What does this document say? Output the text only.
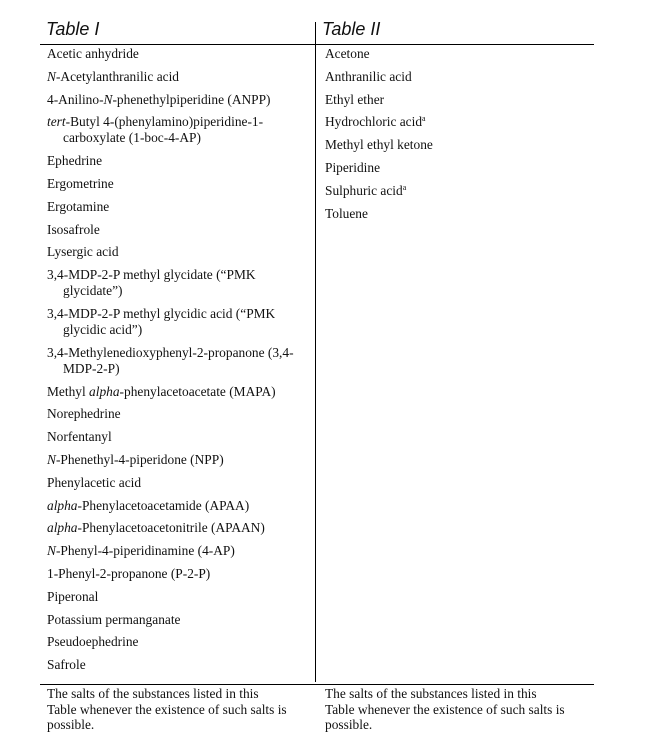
Table I
Acetic anhydride
N-Acetylanthranilic acid
4-Anilino-N-phenethylpiperidine (ANPP)
tert-Butyl 4-(phenylamino)piperidine-1-carboxylate (1-boc-4-AP)
Ephedrine
Ergometrine
Ergotamine
Isosafrole
Lysergic acid
3,4-MDP-2-P methyl glycidate (“PMK glycidate”)
3,4-MDP-2-P methyl glycidic acid (“PMK glycidic acid”)
3,4-Methylenedioxyphenyl-2-propanone (3,4-MDP-2-P)
Methyl alpha-phenylacetoacetate (MAPA)
Norephedrine
Norfentanyl
N-Phenethyl-4-piperidone (NPP)
Phenylacetic acid
alpha-Phenylacetoacetamide (APAA)
alpha-Phenylacetoacetonitrile (APAAN)
N-Phenyl-4-piperidinamine (4-AP)
1-Phenyl-2-propanone (P-2-P)
Piperonal
Potassium permanganate
Pseudoephedrine
Safrole
Table II
Acetone
Anthranilic acid
Ethyl ether
Hydrochloric acid$^a$
Methyl ethyl ketone
Piperidine
Sulphuric acid$^a$
Toluene
The salts of the substances listed in this Table whenever the existence of such salts is possible.
The salts of the substances listed in this Table whenever the existence of such salts is possible.
